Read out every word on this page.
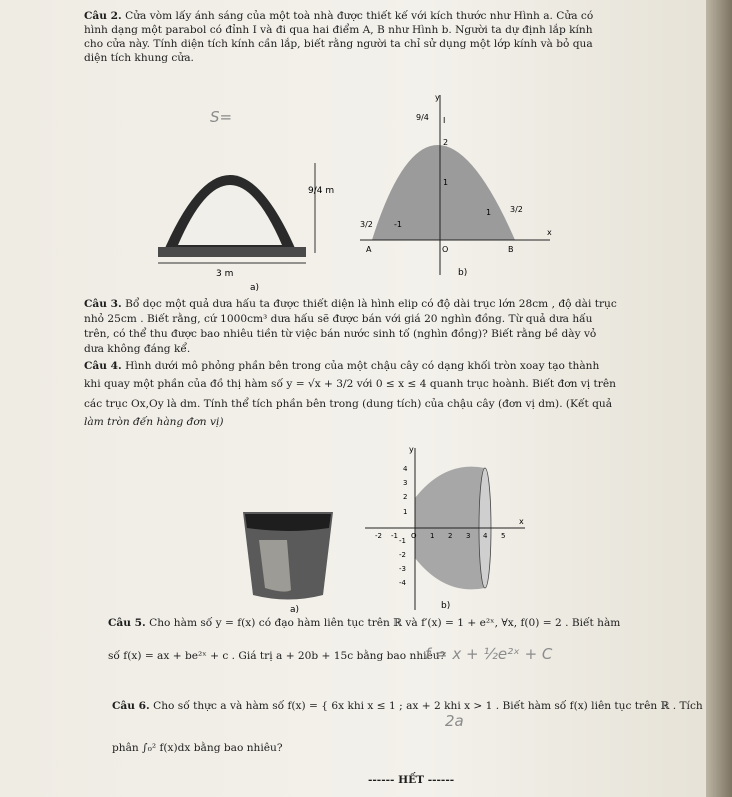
Câu 2. Cửa vòm lấy ánh sáng của một toà nhà được thiết kế với kích thước như Hình a. Cửa có
hình dạng một parabol có đỉnh I và đi qua hai điểm A, B như Hình b. Người ta dự định lắp kính
cho cửa này. Tính diện tích kính cần lắp, biết rằng người ta chỉ sử dụng một lớp kính và bỏ qua
diện tích khung cửa.
S=
9/4 m
3 m
a)
y
9/4 I
2
1
1 3/2
3/2	-1
A	O	B
x
b)
Câu 3. Bổ dọc một quả dưa hấu ta được thiết diện là hình elip có độ dài trục lớn 28cm , độ dài trục
nhỏ 25cm . Biết rằng, cứ 1000cm³ dưa hấu sẽ được bán với giá 20 nghìn đồng. Từ quả dưa hấu
trên, có thể thu được bao nhiêu tiền từ việc bán nước sinh tố (nghìn đồng)? Biết rằng bề dày vỏ
dưa không đáng kể.
Câu 4. Hình dưới mô phỏng phần bên trong của một chậu cây có dạng khối tròn xoay tạo thành
khi quay một phần của đồ thị hàm số y = √x + 3/2 với 0 ≤ x ≤ 4 quanh trục hoành. Biết đơn vị trên
các trục Ox,Oy là dm. Tính thể tích phần bên trong (dung tích) của chậu cây (đơn vị dm). (Kết quả
làm tròn đến hàng đơn vị)
a)
y
x
4
3
2
1
-1
-2
-3
-4
-2 -1 O 1 2 3 4 5
b)
Câu 5. Cho hàm số y = f(x) có đạo hàm liên tục trên ℝ và f′(x) = 1 + e²ˣ, ∀x, f(0) = 2 . Biết hàm
số f(x) = ax + be²ˣ + c . Giá trị a + 20b + 15c bằng bao nhiêu?
f = x + ½e²ˣ + C
Câu 6. Cho số thực a và hàm số f(x) = { 6x khi x ≤ 1 ; ax + 2 khi x > 1 . Biết hàm số f(x) liên tục trên ℝ . Tích
phân ∫₀² f(x)dx bằng bao nhiêu?
2a
------ HẾT ------
